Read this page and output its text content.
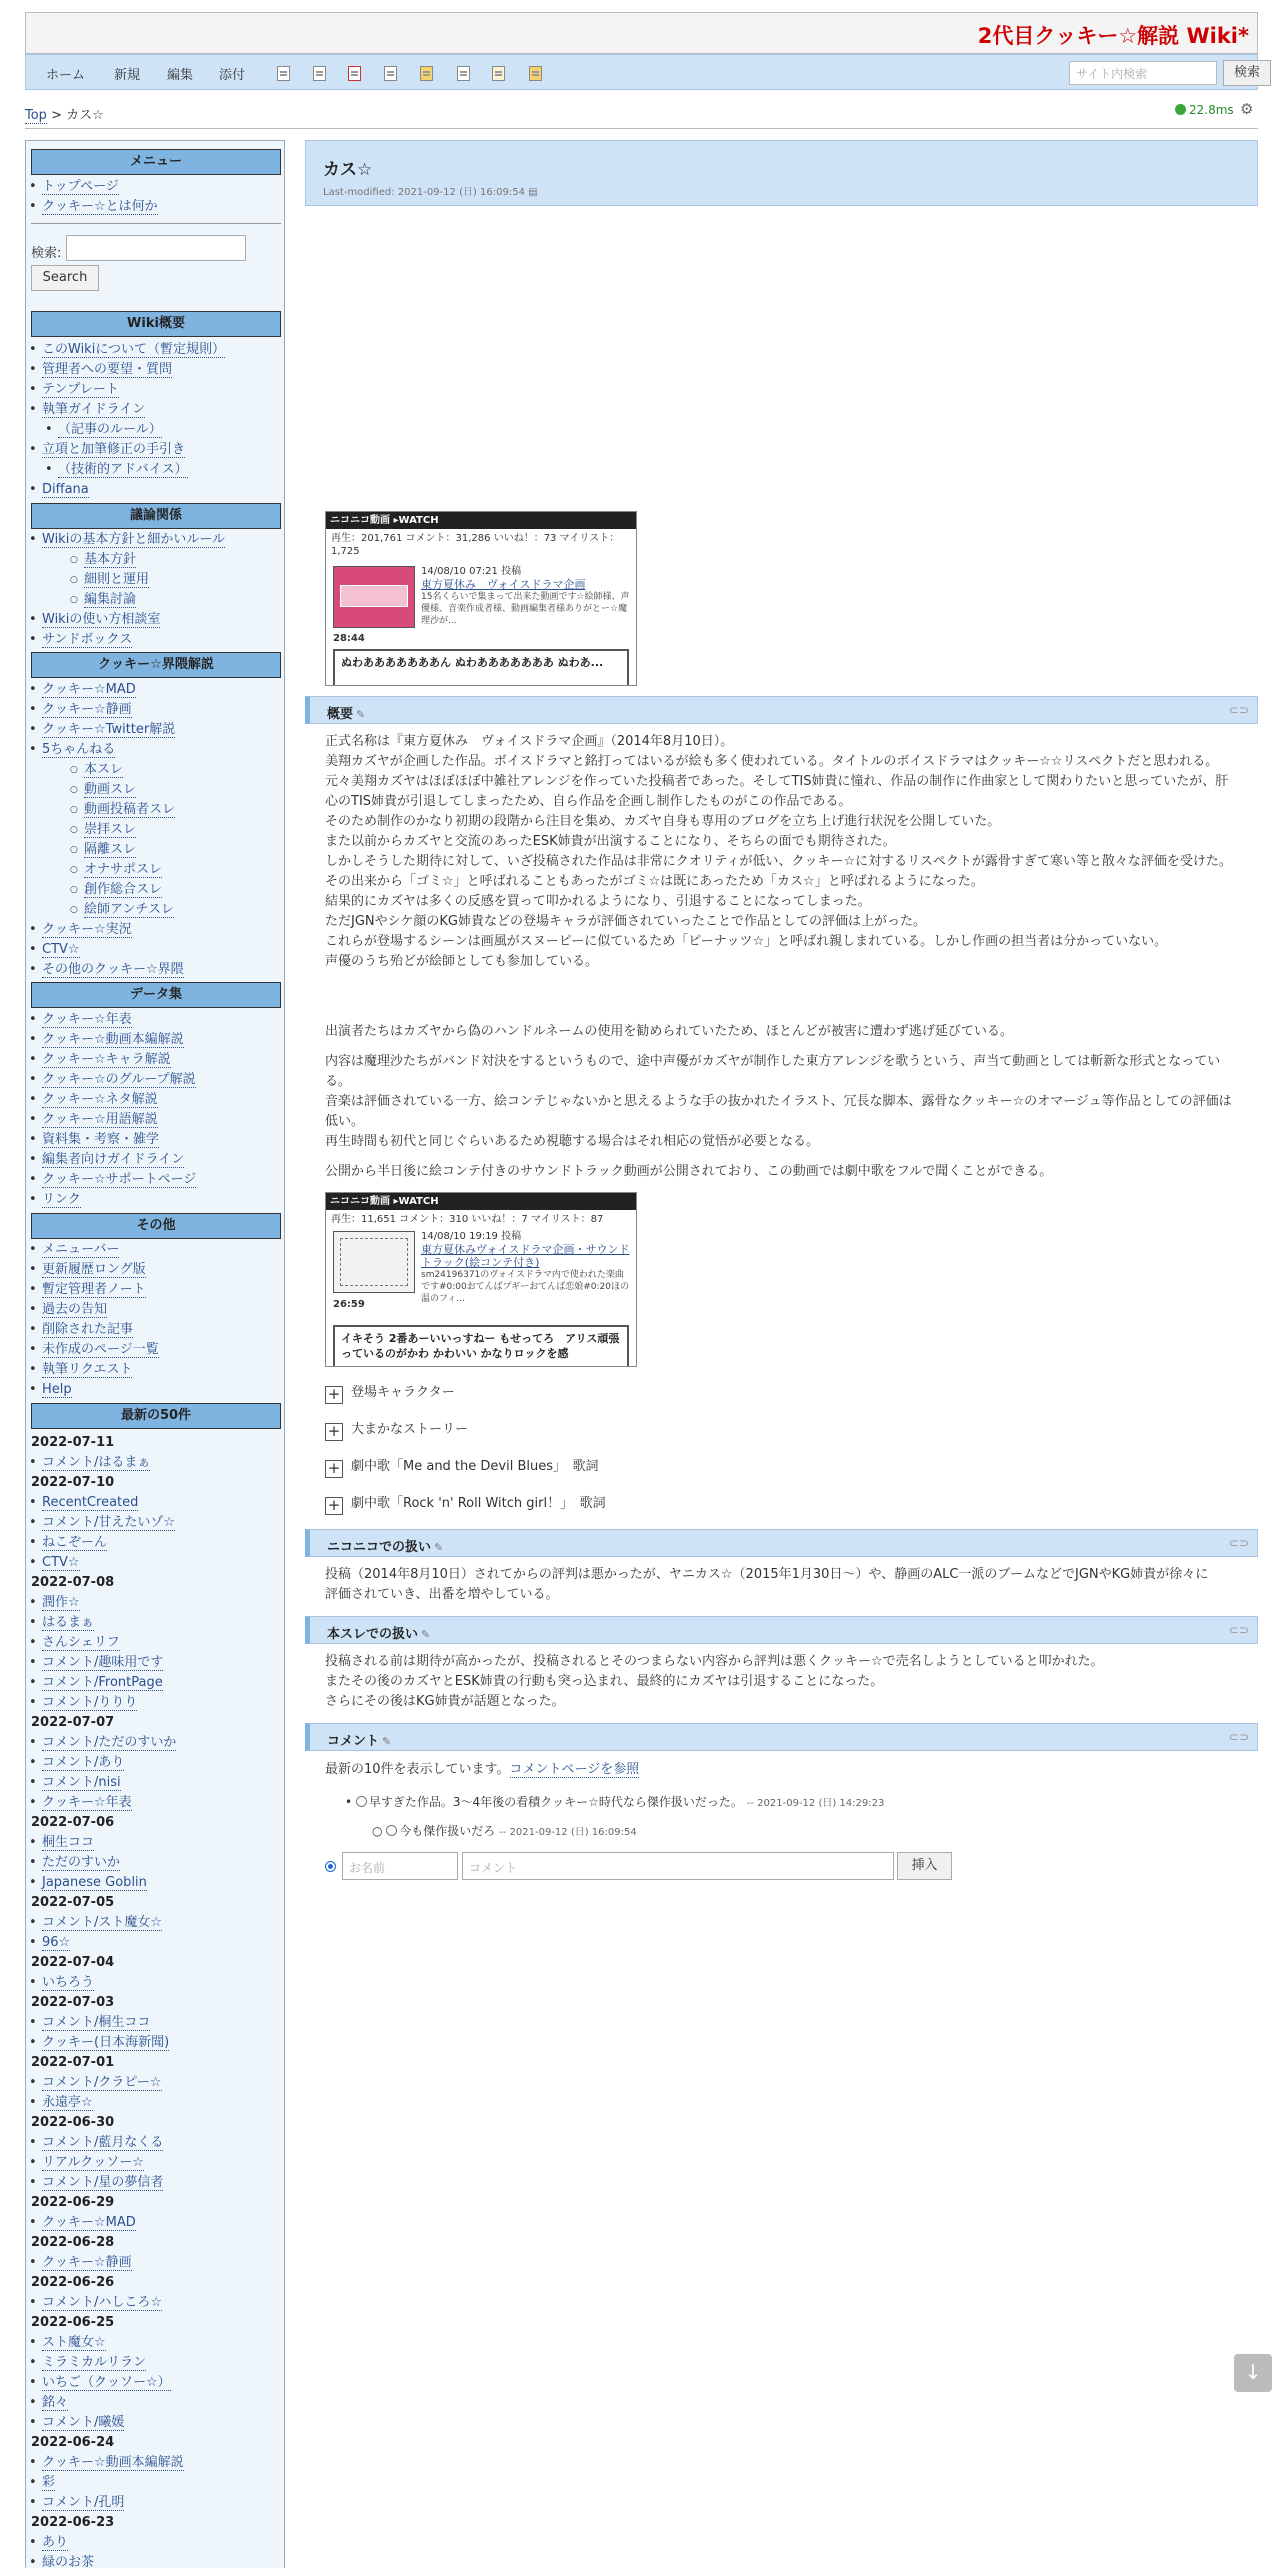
2代目クッキー☆解説 Wiki*
ホーム 新規 編集 添付	サイト内検索	検索
Top > カス☆	22.8ms ⚙
メニュー
• トップページ
• クッキー☆とは何か
検索:
Search
Wiki概要
• このWikiについて（暫定規則）
• 管理者への要望・質問
• テンプレート
• 執筆ガイドライン
• （記事のルール）
• 立項と加筆修正の手引き
• （技術的アドバイス）
• Diffana
議論関係
• Wikiの基本方針と細かいルール
○ 基本方針
○ 細則と運用
○ 編集討論
• Wikiの使い方相談室
• サンドボックス
クッキー☆界隈解説
• クッキー☆MAD
• クッキー☆静画
• クッキー☆Twitter解説
• 5ちゃんねる
○ 本スレ
○ 動画スレ
○ 動画投稿者スレ
○ 崇拝スレ
○ 隔離スレ
○ オナサポスレ
○ 創作総合スレ
○ 絵師アンチスレ
• クッキー☆実況
• CTV☆
• その他のクッキー☆界隈
データ集
• クッキー☆年表
• クッキー☆動画本編解説
• クッキー☆キャラ解説
• クッキー☆のグループ解説
• クッキー☆ネタ解説
• クッキー☆用語解説
• 資料集・考察・雑学
• 編集者向けガイドライン
• クッキー☆サポートページ
• リンク
その他
• メニューバー
• 更新履歴ロング版
• 暫定管理者ノート
• 過去の告知
• 削除された記事
• 未作成のページ一覧
• 執筆リクエスト
• Help
最新の50件
2022-07-11
• コメント/はるまぁ
2022-07-10
• RecentCreated
• コメント/甘えたいゾ☆
• ねこぞーん
• CTV☆
2022-07-08
• 潤作☆
• はるまぁ
• さんシェリフ
• コメント/趣味用です
• コメント/FrontPage
• コメント/りりり
2022-07-07
• コメント/ただのすいか
• コメント/あり
• コメント/nisi
• クッキー☆年表
2022-07-06
• 桐生ココ
• ただのすいか
• Japanese Goblin
2022-07-05
• コメント/スト魔女☆
• 96☆
2022-07-04
• いちろう
2022-07-03
• コメント/桐生ココ
• クッキー(日本海新聞)
2022-07-01
• コメント/クラピー☆
• 永遠亭☆
2022-06-30
• コメント/藍月なくる
• リアルクッソー☆
• コメント/星の夢信者
2022-06-29
• クッキー☆MAD
2022-06-28
• クッキー☆静画
2022-06-26
• コメント/ハしころ☆
2022-06-25
• スト魔女☆
• ミラミカルリラン
• いちご（クッソー☆）
• 銘々
• コメント/曦媛
2022-06-24
• クッキー☆動画本編解説
• 彩
• コメント/孔明
2022-06-23
• あり
• 緑のお茶
カス☆
Last-modified: 2021-09-12 (日) 16:09:54 ▤
ニコニコ動画 ▸WATCH
再生：201,761 コメント：31,286 いいね！：73 マイリスト：1,725
14/08/10 07:21 投稿
東方夏休み　ヴォイスドラマ企画
15名くらいで集まって出来た動画です☆絵師様、声優様、音楽作成者様、動画編集者様ありがとー☆魔理沙が...
28:44
ぬわあああああああん ぬわあああああああ ぬわあ...
概要 ✎	⊂⊃

正式名称は『東方夏休み　ヴォイスドラマ企画』（2014年8月10日）。

美翔カズヤが企画した作品。ボイスドラマと銘打ってはいるが絵も多く使われている。タイトルのボイスドラマはクッキー☆☆リスペクトだと思われる。

元々美翔カズヤはほぼほぼ中雑社アレンジを作っていた投稿者であった。そしてTIS姉貴に憧れ、作品の制作に作曲家として関わりたいと思っていたが、肝心のTIS姉貴が引退してしまったため、自ら作品を企画し制作したものがこの作品である。

そのため制作のかなり初期の段階から注目を集め、カズヤ自身も専用のブログを立ち上げ進行状況を公開していた。

また以前からカズヤと交流のあったESK姉貴が出演することになり、そちらの面でも期待された。

しかしそうした期待に対して、いざ投稿された作品は非常にクオリティが低い、クッキー☆に対するリスペクトが露骨すぎて寒い等と散々な評価を受けた。

その出来から「ゴミ☆」と呼ばれることもあったがゴミ☆は既にあったため「カス☆」と呼ばれるようになった。

結果的にカズヤは多くの反感を買って叩かれるようになり、引退することになってしまった。

ただJGNやシケ顔のKG姉貴などの登場キャラが評価されていったことで作品としての評価は上がった。

これらが登場するシーンは画風がスヌーピーに似ているため「ピーナッツ☆」と呼ばれ親しまれている。しかし作画の担当者は分かっていない。

声優のうち殆どが絵師としても参加している。

出演者たちはカズヤから偽のハンドルネームの使用を勧められていたため、ほとんどが被害に遭わず逃げ延びている。

内容は魔理沙たちがバンド対決をするというもので、途中声優がカズヤが制作した東方アレンジを歌うという、声当て動画としては斬新な形式となっている。

音楽は評価されている一方、絵コンテじゃないかと思えるような手の抜かれたイラスト、冗長な脚本、露骨なクッキー☆のオマージュ等作品としての評価は低い。

再生時間も初代と同じぐらいあるため視聴する場合はそれ相応の覚悟が必要となる。

公開から半日後に絵コンテ付きのサウンドトラック動画が公開されており、この動画では劇中歌をフルで聞くことができる。
ニコニコ動画 ▸WATCH
再生：11,651 コメント：310 いいね！：7 マイリスト：87
14/08/10 19:19 投稿
東方夏休みヴォイスドラマ企画・サウンドトラック(絵コンテ付き)
sm24196371のヴォイスドラマ内で使われた楽曲です#0:00おてんばプギーおてんば恋娘#0:20ほの温のフィ...
26:59
イキそう 2番あーいいっすねー もせってろ　アリス頑張っているのがかわ かわいい かなりロックを感
+ 登場キャラクター
+ 大まかなストーリー
+ 劇中歌「Me and the Devil Blues」　歌詞
+ 劇中歌「Rock 'n' Roll Witch girl！」　歌詞
ニコニコでの扱い ✎	⊂⊃

投稿（2014年8月10日）されてからの評判は悪かったが、ヤニカス☆（2015年1月30日～）や、静画のALC一派のブームなどでJGNやKG姉貴が徐々に

評価されていき、出番を増やしている。

本スレでの扱い ✎	⊂⊃

投稿される前は期待が高かったが、投稿されるとそのつまらない内容から評判は悪くクッキー☆で売名しようとしていると叩かれた。

またその後のカズヤとESK姉貴の行動も突っ込まれ、最終的にカズヤは引退することになった。

さらにその後はKG姉貴が話題となった。

コメント ✎	⊂⊃
最新の10件を表示しています。コメントページを参照
• 早すぎた作品。3～4年後の看積クッキー☆時代なら傑作扱いだった。 -- 2021-09-12 (日) 14:29:23
○ 今も傑作扱いだろ -- 2021-09-12 (日) 16:09:54
お名前	コメント	挿入
↓
